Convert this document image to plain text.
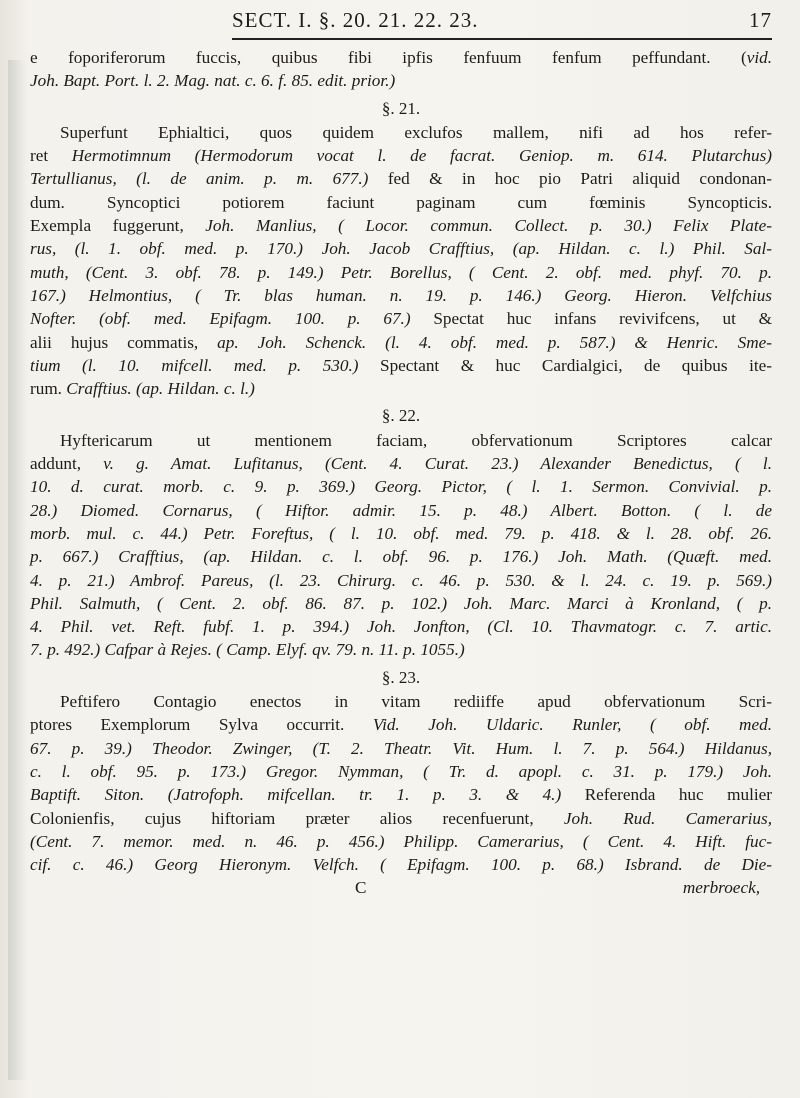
SECT. I. §. 20. 21. 22. 23.	17

e foporiferorum fuccis, quibus fibi ipfis fenfuum fenfum peffundant. (vid.

Joh. Bapt. Port. l. 2. Mag. nat. c. 6. f. 85. edit. prior.)

§. 21.

Superfunt Ephialtici, quos quidem exclufos mallem, nifi ad hos refer-

ret Hermotimnum (Hermodorum vocat l. de facrat. Geniop. m. 614. Plutarchus)

Tertullianus, (l. de anim. p. m. 677.) fed & in hoc pio Patri aliquid condonan-

dum. Syncoptici potiorem faciunt paginam cum fœminis Syncopticis.

Exempla fuggerunt, Joh. Manlius, ( Locor. commun. Collect. p. 30.) Felix Plate-

rus, (l. 1. obf. med. p. 170.) Joh. Jacob Crafftius, (ap. Hildan. c. l.) Phil. Sal-

muth, (Cent. 3. obf. 78. p. 149.) Petr. Borellus, ( Cent. 2. obf. med. phyf. 70. p.

167.) Helmontius, ( Tr. blas human. n. 19. p. 146.) Georg. Hieron. Velfchius

Nofter. (obf. med. Epifagm. 100. p. 67.) Spectat huc infans revivifcens, ut &

alii hujus commatis, ap. Joh. Schenck. (l. 4. obf. med. p. 587.) & Henric. Sme-

tium (l. 10. mifcell. med. p. 530.) Spectant & huc Cardialgici, de quibus ite-

rum. Crafftius. (ap. Hildan. c. l.)

§. 22.

Hyftericarum ut mentionem faciam, obfervationum Scriptores calcar

addunt, v. g. Amat. Lufitanus, (Cent. 4. Curat. 23.) Alexander Benedictus, ( l.

10. d. curat. morb. c. 9. p. 369.) Georg. Pictor, ( l. 1. Sermon. Convivial. p.

28.) Diomed. Cornarus, ( Hiftor. admir. 15. p. 48.) Albert. Botton. ( l. de

morb. mul. c. 44.) Petr. Foreftus, ( l. 10. obf. med. 79. p. 418. & l. 28. obf. 26.

p. 667.) Crafftius, (ap. Hildan. c. l. obf. 96. p. 176.) Joh. Math. (Quæft. med.

4. p. 21.) Ambrof. Pareus, (l. 23. Chirurg. c. 46. p. 530. & l. 24. c. 19. p. 569.)

Phil. Salmuth, ( Cent. 2. obf. 86. 87. p. 102.) Joh. Marc. Marci à Kronland, ( p.

4. Phil. vet. Reft. fubf. 1. p. 394.) Joh. Jonfton, (Cl. 10. Thavmatogr. c. 7. artic.

7. p. 492.) Cafpar à Rejes. ( Camp. Elyf. qv. 79. n. 11. p. 1055.)

§. 23.

Peftifero Contagio enectos in vitam rediiffe apud obfervationum Scri-

ptores Exemplorum Sylva occurrit. Vid. Joh. Uldaric. Runler, ( obf. med.

67. p. 39.) Theodor. Zwinger, (T. 2. Theatr. Vit. Hum. l. 7. p. 564.) Hildanus,

c. l. obf. 95. p. 173.) Gregor. Nymman, ( Tr. d. apopl. c. 31. p. 179.) Joh.

Baptift. Siton. (Jatrofoph. mifcellan. tr. 1. p. 3. & 4.) Referenda huc mulier

Colonienfis, cujus hiftoriam præter alios recenfuerunt, Joh. Rud. Camerarius,

(Cent. 7. memor. med. n. 46. p. 456.) Philipp. Camerarius, ( Cent. 4. Hift. fuc-

cif. c. 46.) Georg Hieronym. Velfch. ( Epifagm. 100. p. 68.) Isbrand. de Die-

C	merbroeck,
